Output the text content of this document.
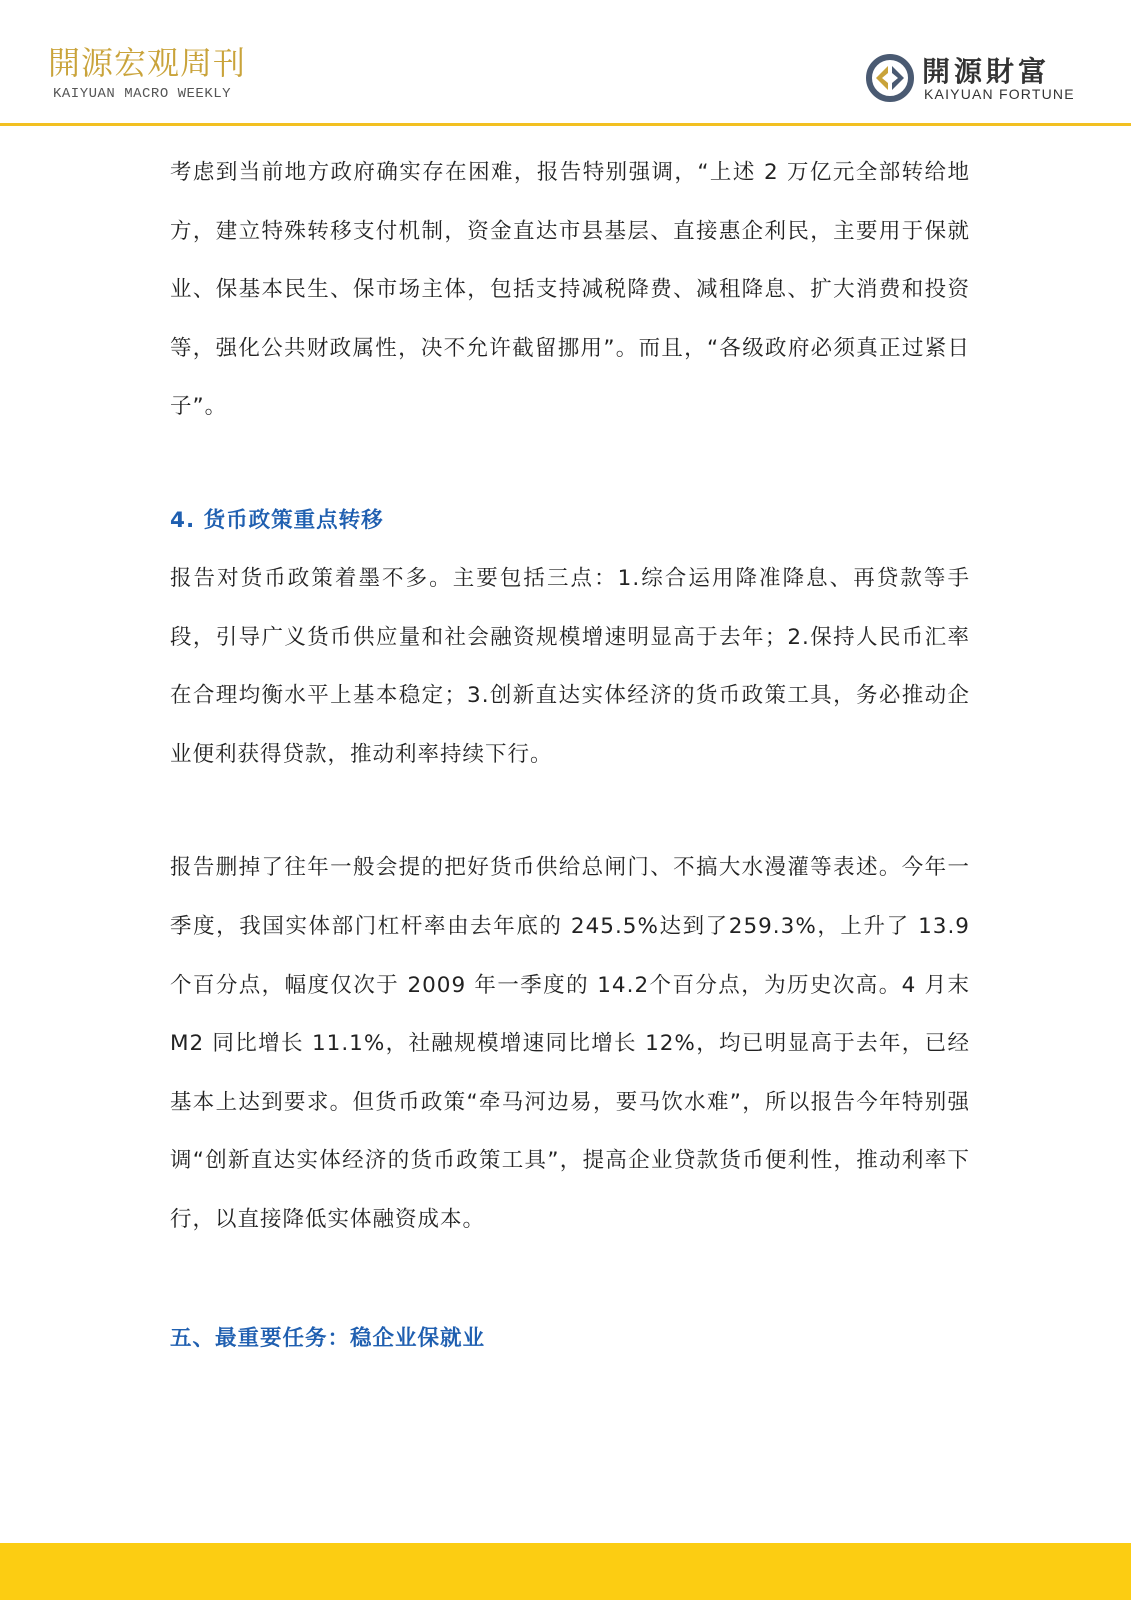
開源宏观周刊
KAIYUAN MACRO WEEKLY
開源財富
KAIYUAN FORTUNE

考虑到当前地方政府确实存在困难，报告特别强调，“上述 2 万亿元全部转给地方，建立特殊转移支付机制，资金直达市县基层、直接惠企利民，主要用于保就业、保基本民生、保市场主体，包括支持减税降费、减租降息、扩大消费和投资等，强化公共财政属性，决不允许截留挪用”。而且，“各级政府必须真正过紧日子”。

4. 货币政策重点转移

报告对货币政策着墨不多。主要包括三点：1.综合运用降准降息、再贷款等手段，引导广义货币供应量和社会融资规模增速明显高于去年；2.保持人民币汇率在合理均衡水平上基本稳定；3.创新直达实体经济的货币政策工具，务必推动企业便利获得贷款，推动利率持续下行。

报告删掉了往年一般会提的把好货币供给总闸门、不搞大水漫灌等表述。今年一季度，我国实体部门杠杆率由去年底的 245.5%达到了259.3%，上升了 13.9 个百分点，幅度仅次于 2009 年一季度的 14.2个百分点，为历史次高。4 月末 M2 同比增长 11.1%，社融规模增速同比增长 12%，均已明显高于去年，已经基本上达到要求。但货币政策“牵马河边易，要马饮水难”，所以报告今年特别强调“创新直达实体经济的货币政策工具”，提高企业贷款货币便利性，推动利率下行，以直接降低实体融资成本。

五、最重要任务：稳企业保就业
